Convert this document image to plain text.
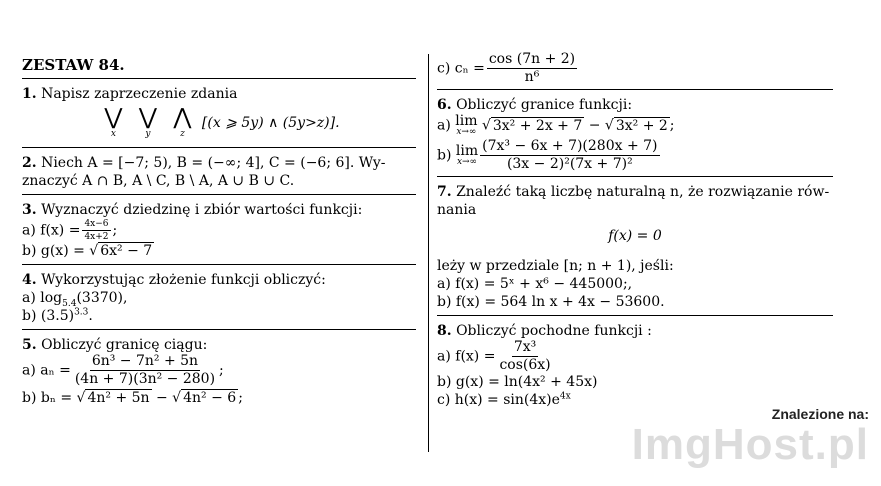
ZESTAW 84.
1. Napisz zaprzeczenie zdania
⋁
x

⋁
y

⋀
z
[(x ⩾ 5y) ∧ (5y>z)].
2. Niech A = [−7; 5), B = (−∞; 4], C = (−6; 6]. Wy-
znaczyć A ∩ B, A \ C, B \ A, A ∪ B ∪ C.
3. Wyznaczyć dziedzinę i zbiór wartości funkcji:
a) $f(x) = \frac{4x-6}{4x+2}$ ;
b) g(x) = √ 6x² − 7
4. Wykorzystując złożenie funkcji obliczyć:
a) $\log_{5.4}(3370)$,
b) $(3.5)^{3.3}$.
5. Obliczyć granicę ciągu:
a) $a_n = \frac{\text{6n³ − 7n² + 5n}}{\text{(4n + 7)(3n² − 280)}}$ ;
b) bₙ = √ 4n² + 5n − √ 4n² − 6 ;
c) $c_n = \frac{\cos (7n + 2)}{\text{n⁶}}$
6. Obliczyć granice funkcji:
a) lim
x→∞ √ 3x² + 2x + 7 − √ 3x² + 2 ;
b) lim
$x\to\infty \frac{\text{(7x³ − 6x + 7)(280x + 7)}}{\text{(3x − 2)²(7x + 7)²}}$
7. Znaleźć taką liczbę naturalną n, że rozwiązanie rów-
nania
f(x) = 0
leży w przedziale [n; n + 1), jeśli:
a) f(x) = 5ˣ + x⁶ − 445000;,
b) f(x) = 564 ln x + 4x − 53600.
8. Obliczyć pochodne funkcji :
a) $f(x) = \frac{\text{7x³}}{\cos(6x)}$
b) g(x) = ln(4x² + 45x)
c) $h(x) = \sin(4x)e^{4x}$
Znalezione na:
ImgHost.pl
